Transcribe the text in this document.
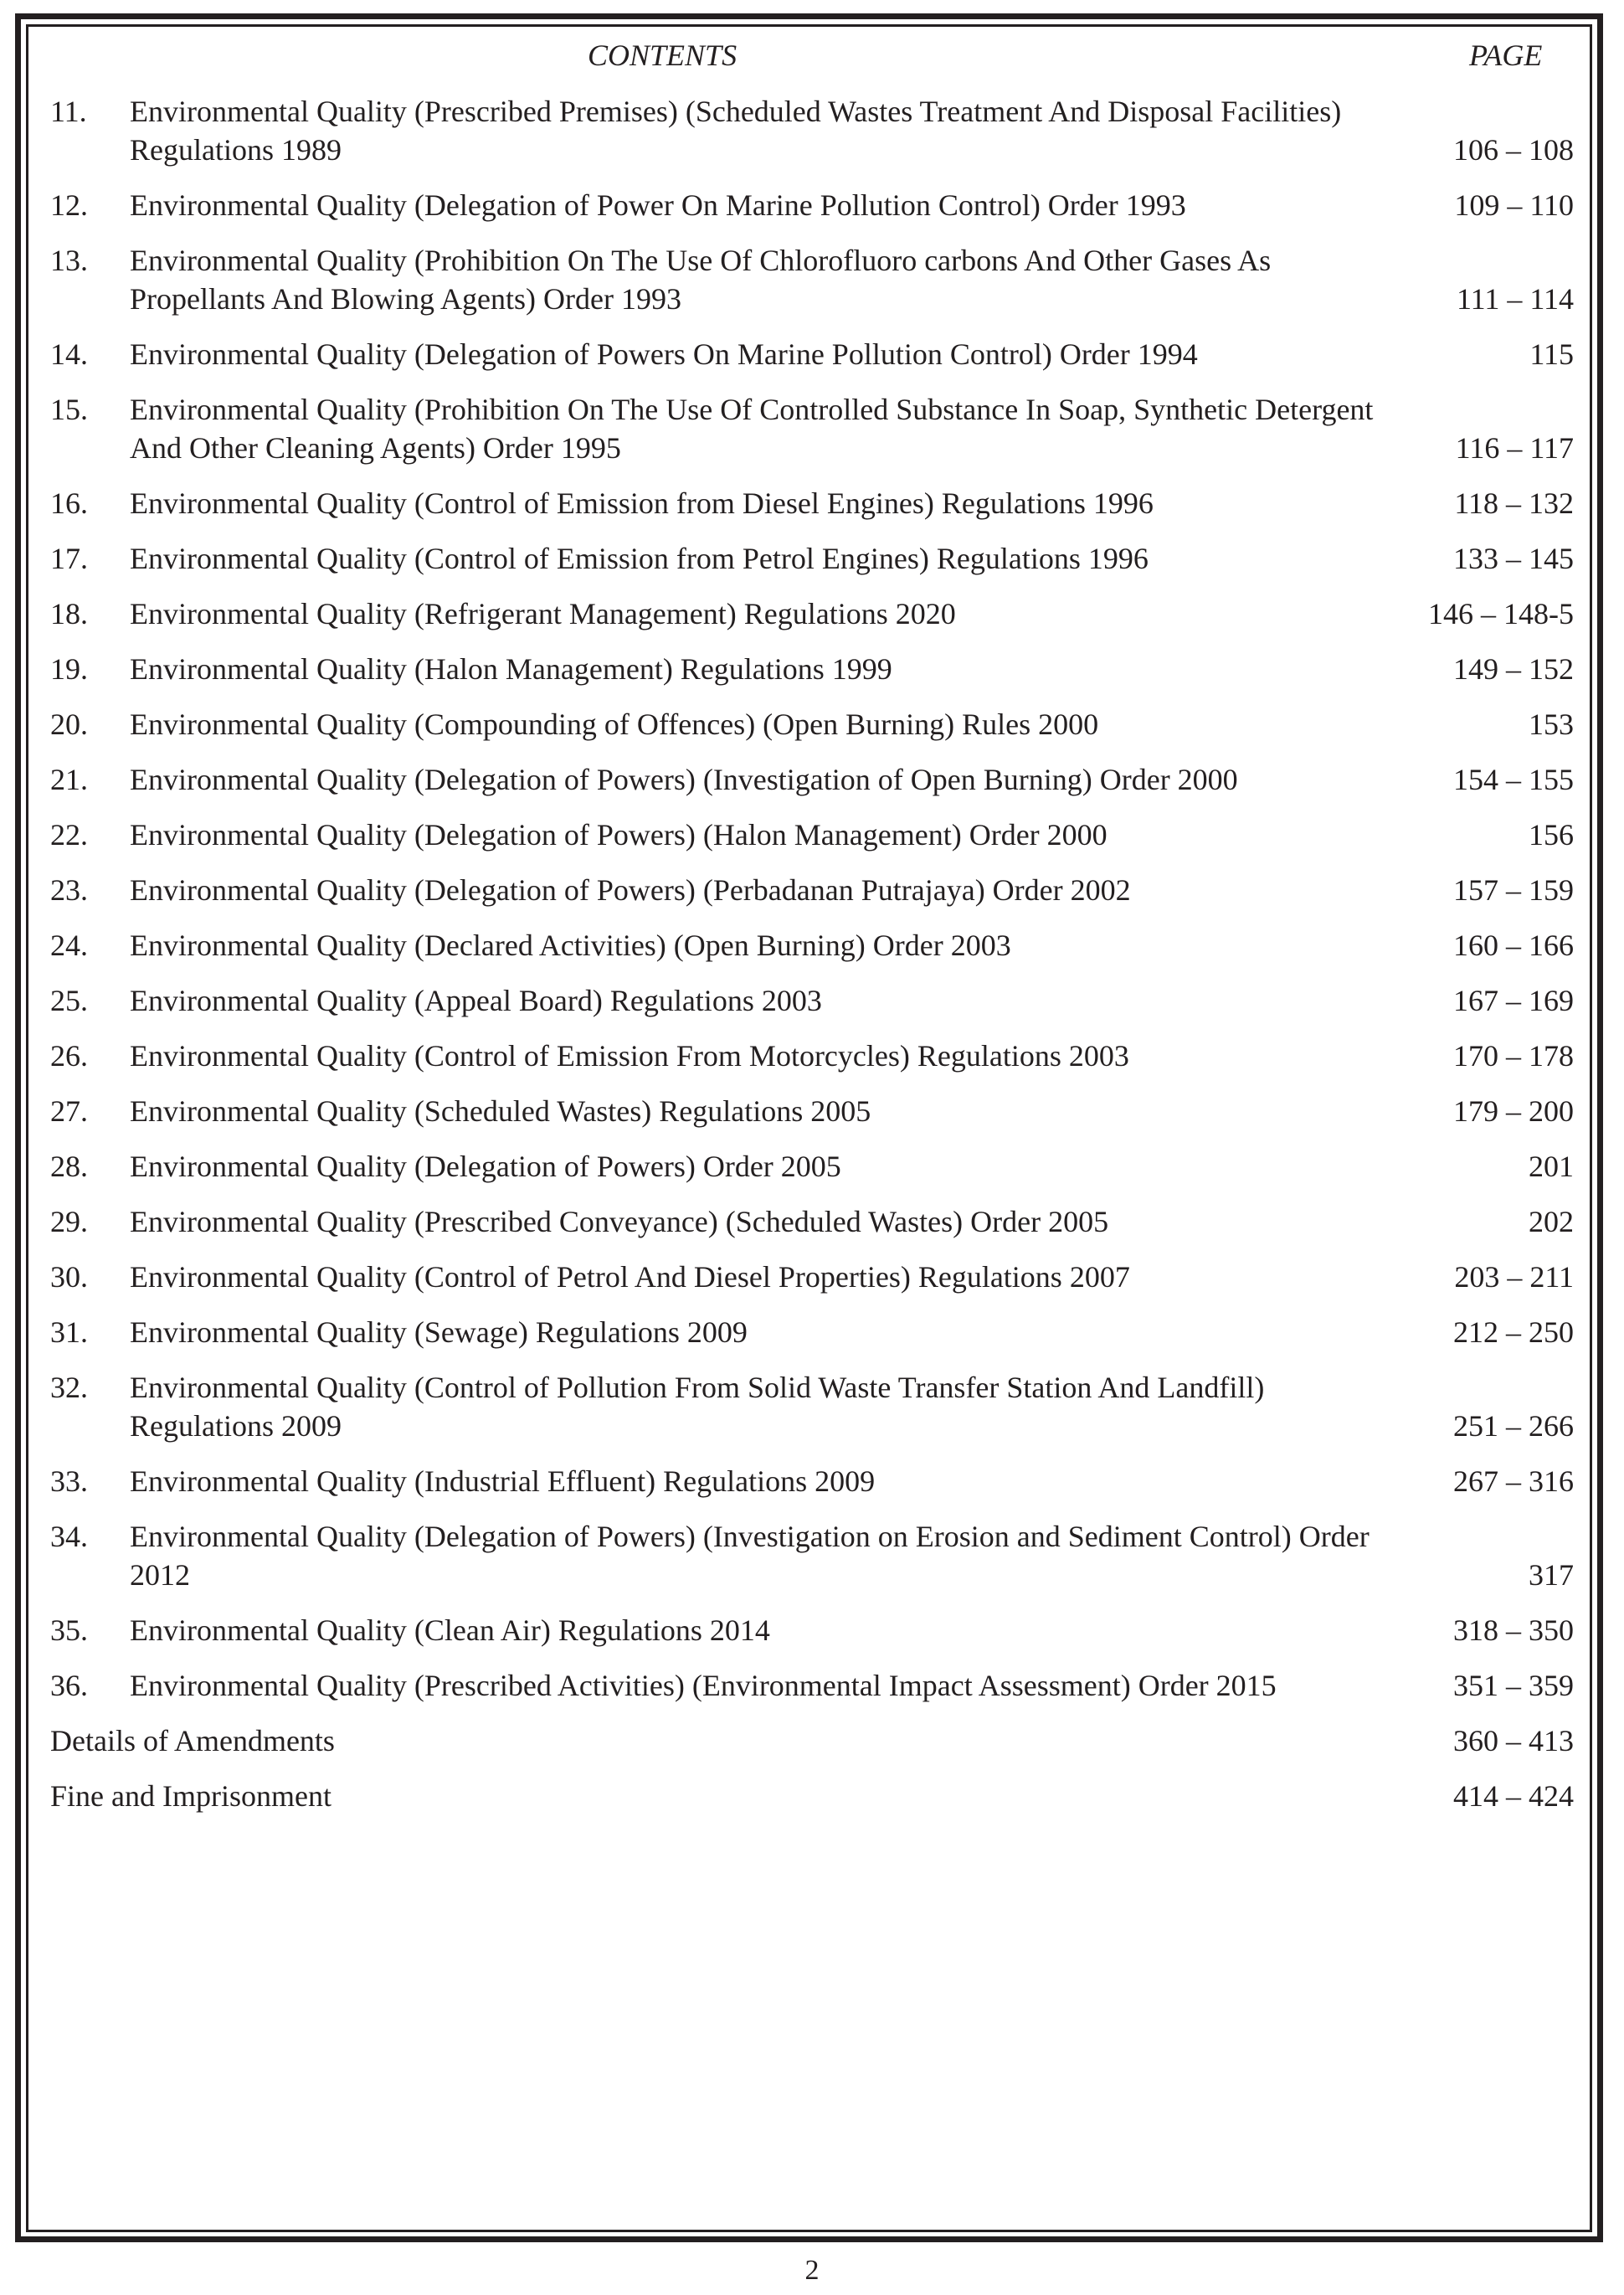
CONTENTS	PAGE
11.	Environmental Quality (Prescribed Premises) (Scheduled Wastes Treatment And Disposal Facilities) Regulations 1989	106 – 108
12.	Environmental Quality (Delegation of Power On Marine Pollution Control) Order 1993	109 – 110
13.	Environmental Quality (Prohibition On The Use Of Chlorofluoro carbons And Other Gases As Propellants And Blowing Agents) Order 1993	111 – 114
14.	Environmental Quality (Delegation of Powers On Marine Pollution Control) Order 1994	115
15.	Environmental Quality (Prohibition On The Use Of Controlled Substance In Soap, Synthetic Detergent And Other Cleaning Agents) Order 1995	116 – 117
16.	Environmental Quality (Control of Emission from Diesel Engines) Regulations 1996	118 – 132
17.	Environmental Quality (Control of Emission from Petrol Engines) Regulations 1996	133 – 145
18.	Environmental Quality (Refrigerant Management) Regulations 2020	146 – 148-5
19.	Environmental Quality (Halon Management) Regulations 1999	149 – 152
20.	Environmental Quality (Compounding of Offences) (Open Burning) Rules 2000	153
21.	Environmental Quality (Delegation of Powers) (Investigation of Open Burning) Order 2000	154 – 155
22.	Environmental Quality (Delegation of Powers) (Halon Management) Order 2000	156
23.	Environmental Quality (Delegation of Powers) (Perbadanan Putrajaya) Order 2002	157 – 159
24.	Environmental Quality (Declared Activities) (Open Burning) Order 2003	160 – 166
25.	Environmental Quality (Appeal Board) Regulations 2003	167 – 169
26.	Environmental Quality (Control of Emission From Motorcycles) Regulations 2003	170 – 178
27.	Environmental Quality (Scheduled Wastes) Regulations 2005	179 – 200
28.	Environmental Quality (Delegation of Powers) Order 2005	201
29.	Environmental Quality (Prescribed Conveyance) (Scheduled Wastes) Order 2005	202
30.	Environmental Quality (Control of Petrol And Diesel Properties) Regulations 2007	203 – 211
31.	Environmental Quality (Sewage) Regulations 2009	212 – 250
32.	Environmental Quality (Control of Pollution From Solid Waste Transfer Station And Landfill) Regulations 2009	251 – 266
33.	Environmental Quality (Industrial Effluent) Regulations 2009	267 – 316
34.	Environmental Quality (Delegation of Powers) (Investigation on Erosion and Sediment Control) Order 2012	317
35.	Environmental Quality (Clean Air) Regulations 2014	318 – 350
36.	Environmental Quality (Prescribed Activities) (Environmental Impact Assessment) Order 2015	351 – 359
Details of Amendments	360 – 413
Fine and Imprisonment	414 – 424
2
